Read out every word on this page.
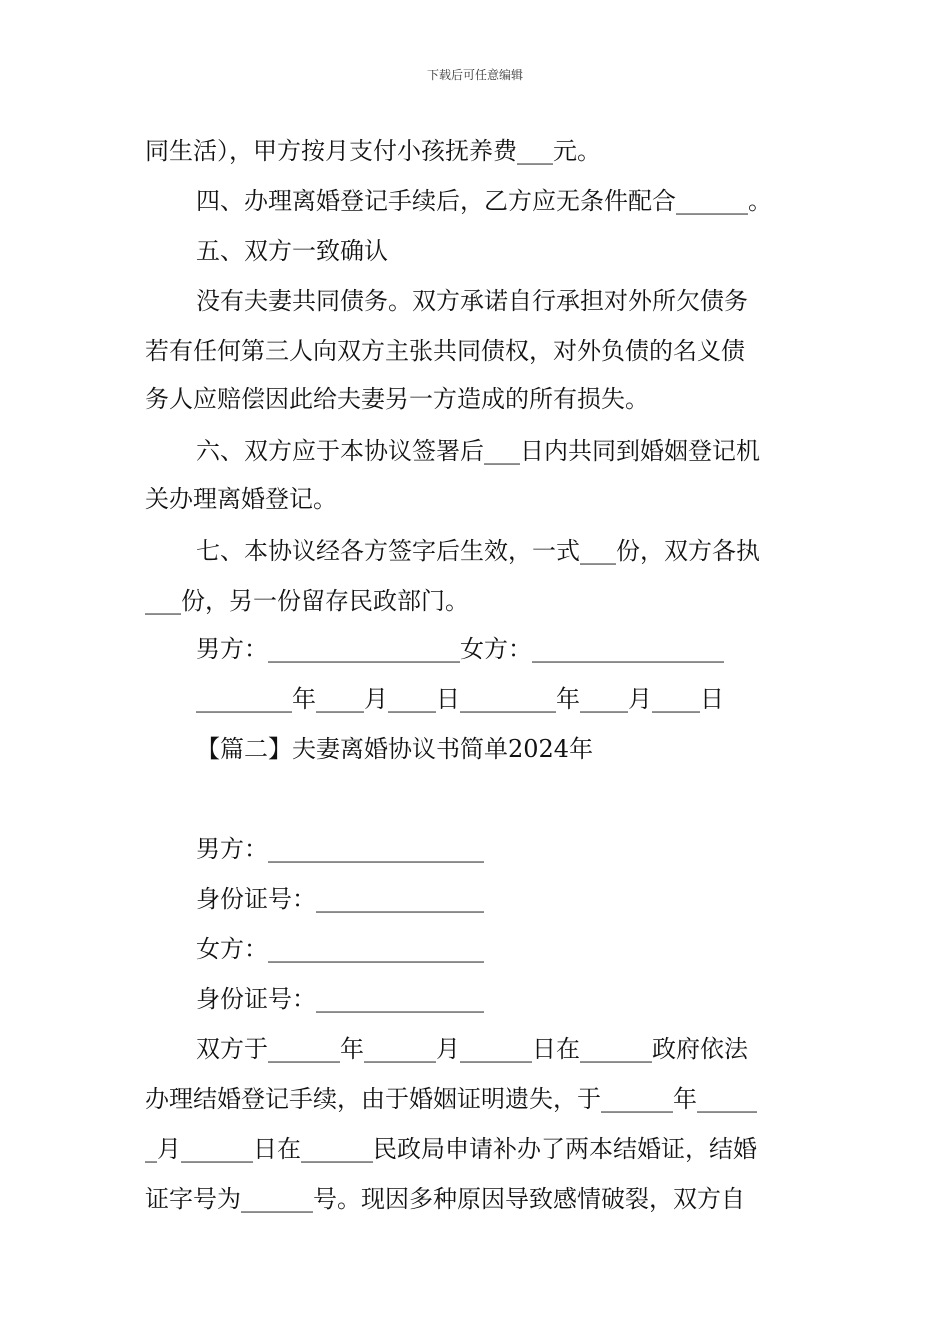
下载后可任意编辑
同生活），甲方按月支付小孩抚养费___元。
四、办理离婚登记手续后，乙方应无条件配合______。
五、双方一致确认
没有夫妻共同债务。双方承诺自行承担对外所欠债务
若有任何第三人向双方主张共同债权，对外负债的名义债
务人应赔偿因此给夫妻另一方造成的所有损失。
六、双方应于本协议签署后___日内共同到婚姻登记机
关办理离婚登记。
七、本协议经各方签字后生效，一式___份，双方各执
___份，另一份留存民政部门。
男方：________________女方：________________
________年____月____日________年____月____日
【篇二】夫妻离婚协议书简单2024年
男方：__________________
身份证号：______________
女方：__________________
身份证号：______________
双方于______年______月______日在______政府依法
办理结婚登记手续，由于婚姻证明遗失，于______年_____
_月______日在______民政局申请补办了两本结婚证，结婚
证字号为______号。现因多种原因导致感情破裂，双方自
